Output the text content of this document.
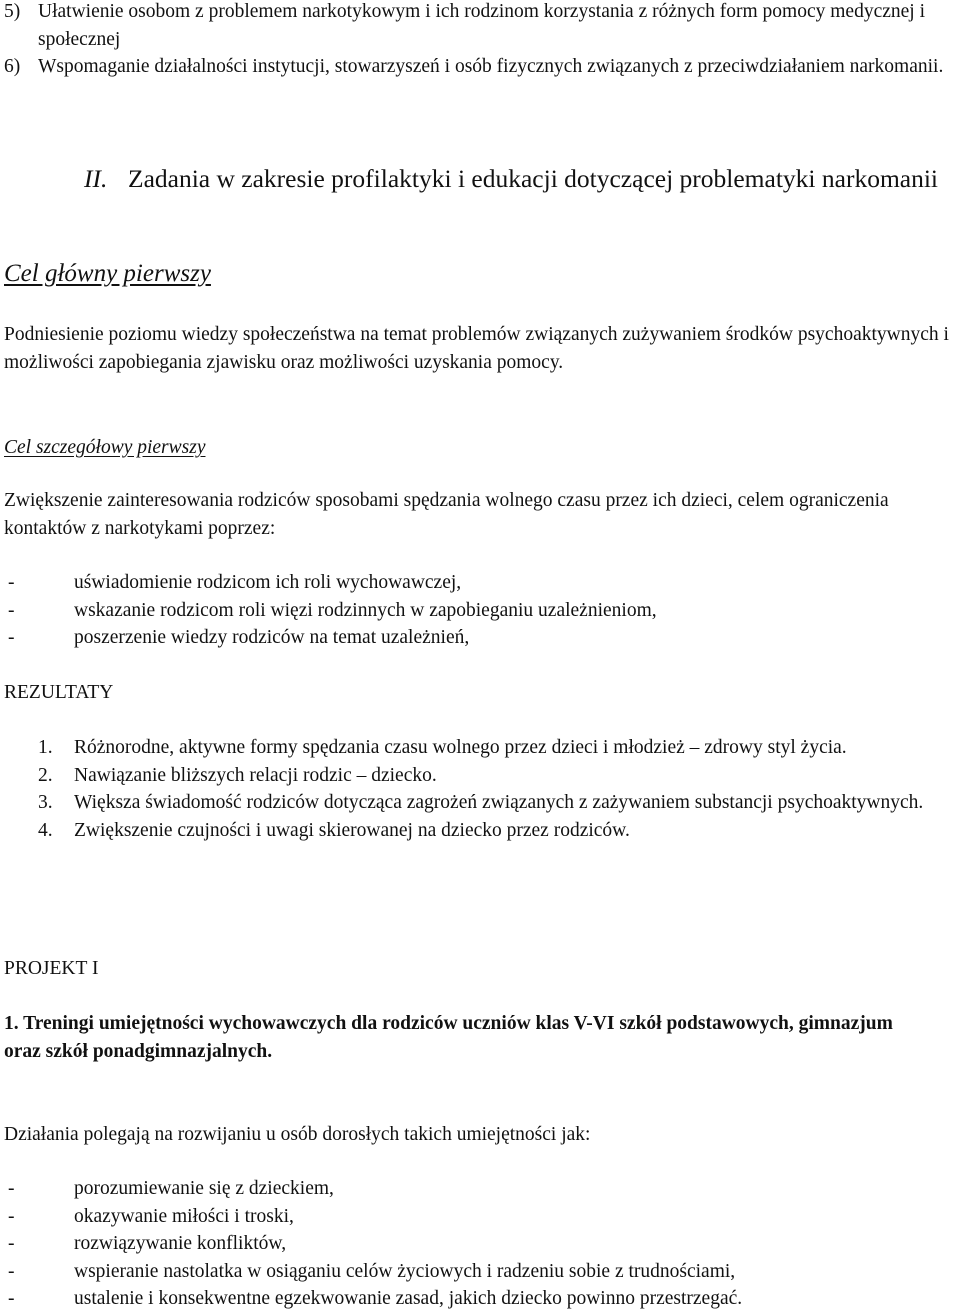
5) Ułatwienie osobom z problemem narkotykowym i ich rodzinom korzystania z różnych form pomocy medycznej i społecznej
6) Wspomaganie działalności instytucji, stowarzyszeń i osób fizycznych związanych z przeciwdziałaniem narkomanii.
II. Zadania w zakresie profilaktyki i edukacji dotyczącej problematyki narkomanii
Cel główny pierwszy
Podniesienie poziomu wiedzy społeczeństwa na temat problemów związanych zużywaniem środków psychoaktywnych i możliwości zapobiegania zjawisku oraz możliwości uzyskania pomocy.
Cel szczegółowy pierwszy
Zwiększenie zainteresowania rodziców sposobami spędzania wolnego czasu przez ich dzieci, celem ograniczenia kontaktów z narkotykami poprzez:
-	uświadomienie rodzicom ich roli wychowawczej,
-	wskazanie rodzicom roli więzi rodzinnych w zapobieganiu uzależnieniom,
-	poszerzenie wiedzy rodziców na temat uzależnień,
REZULTATY
1. Różnorodne, aktywne formy spędzania czasu wolnego przez dzieci i młodzież – zdrowy styl życia.
2. Nawiązanie bliższych relacji rodzic – dziecko.
3. Większa świadomość rodziców dotycząca zagrożeń związanych z zażywaniem substancji psychoaktywnych.
4. Zwiększenie czujności i uwagi skierowanej na dziecko przez rodziców.
PROJEKT I
1. Treningi umiejętności wychowawczych dla rodziców uczniów klas V-VI szkół podstawowych, gimnazjum oraz szkół ponadgimnazjalnych.
Działania polegają na rozwijaniu u osób dorosłych takich umiejętności jak:
-	porozumiewanie się z dzieckiem,
-	okazywanie miłości i troski,
-	rozwiązywanie konfliktów,
-	wspieranie nastolatka w osiąganiu celów życiowych i radzeniu sobie z trudnościami,
-	ustalenie i konsekwentne egzekwowanie zasad, jakich dziecko powinno przestrzegać.
